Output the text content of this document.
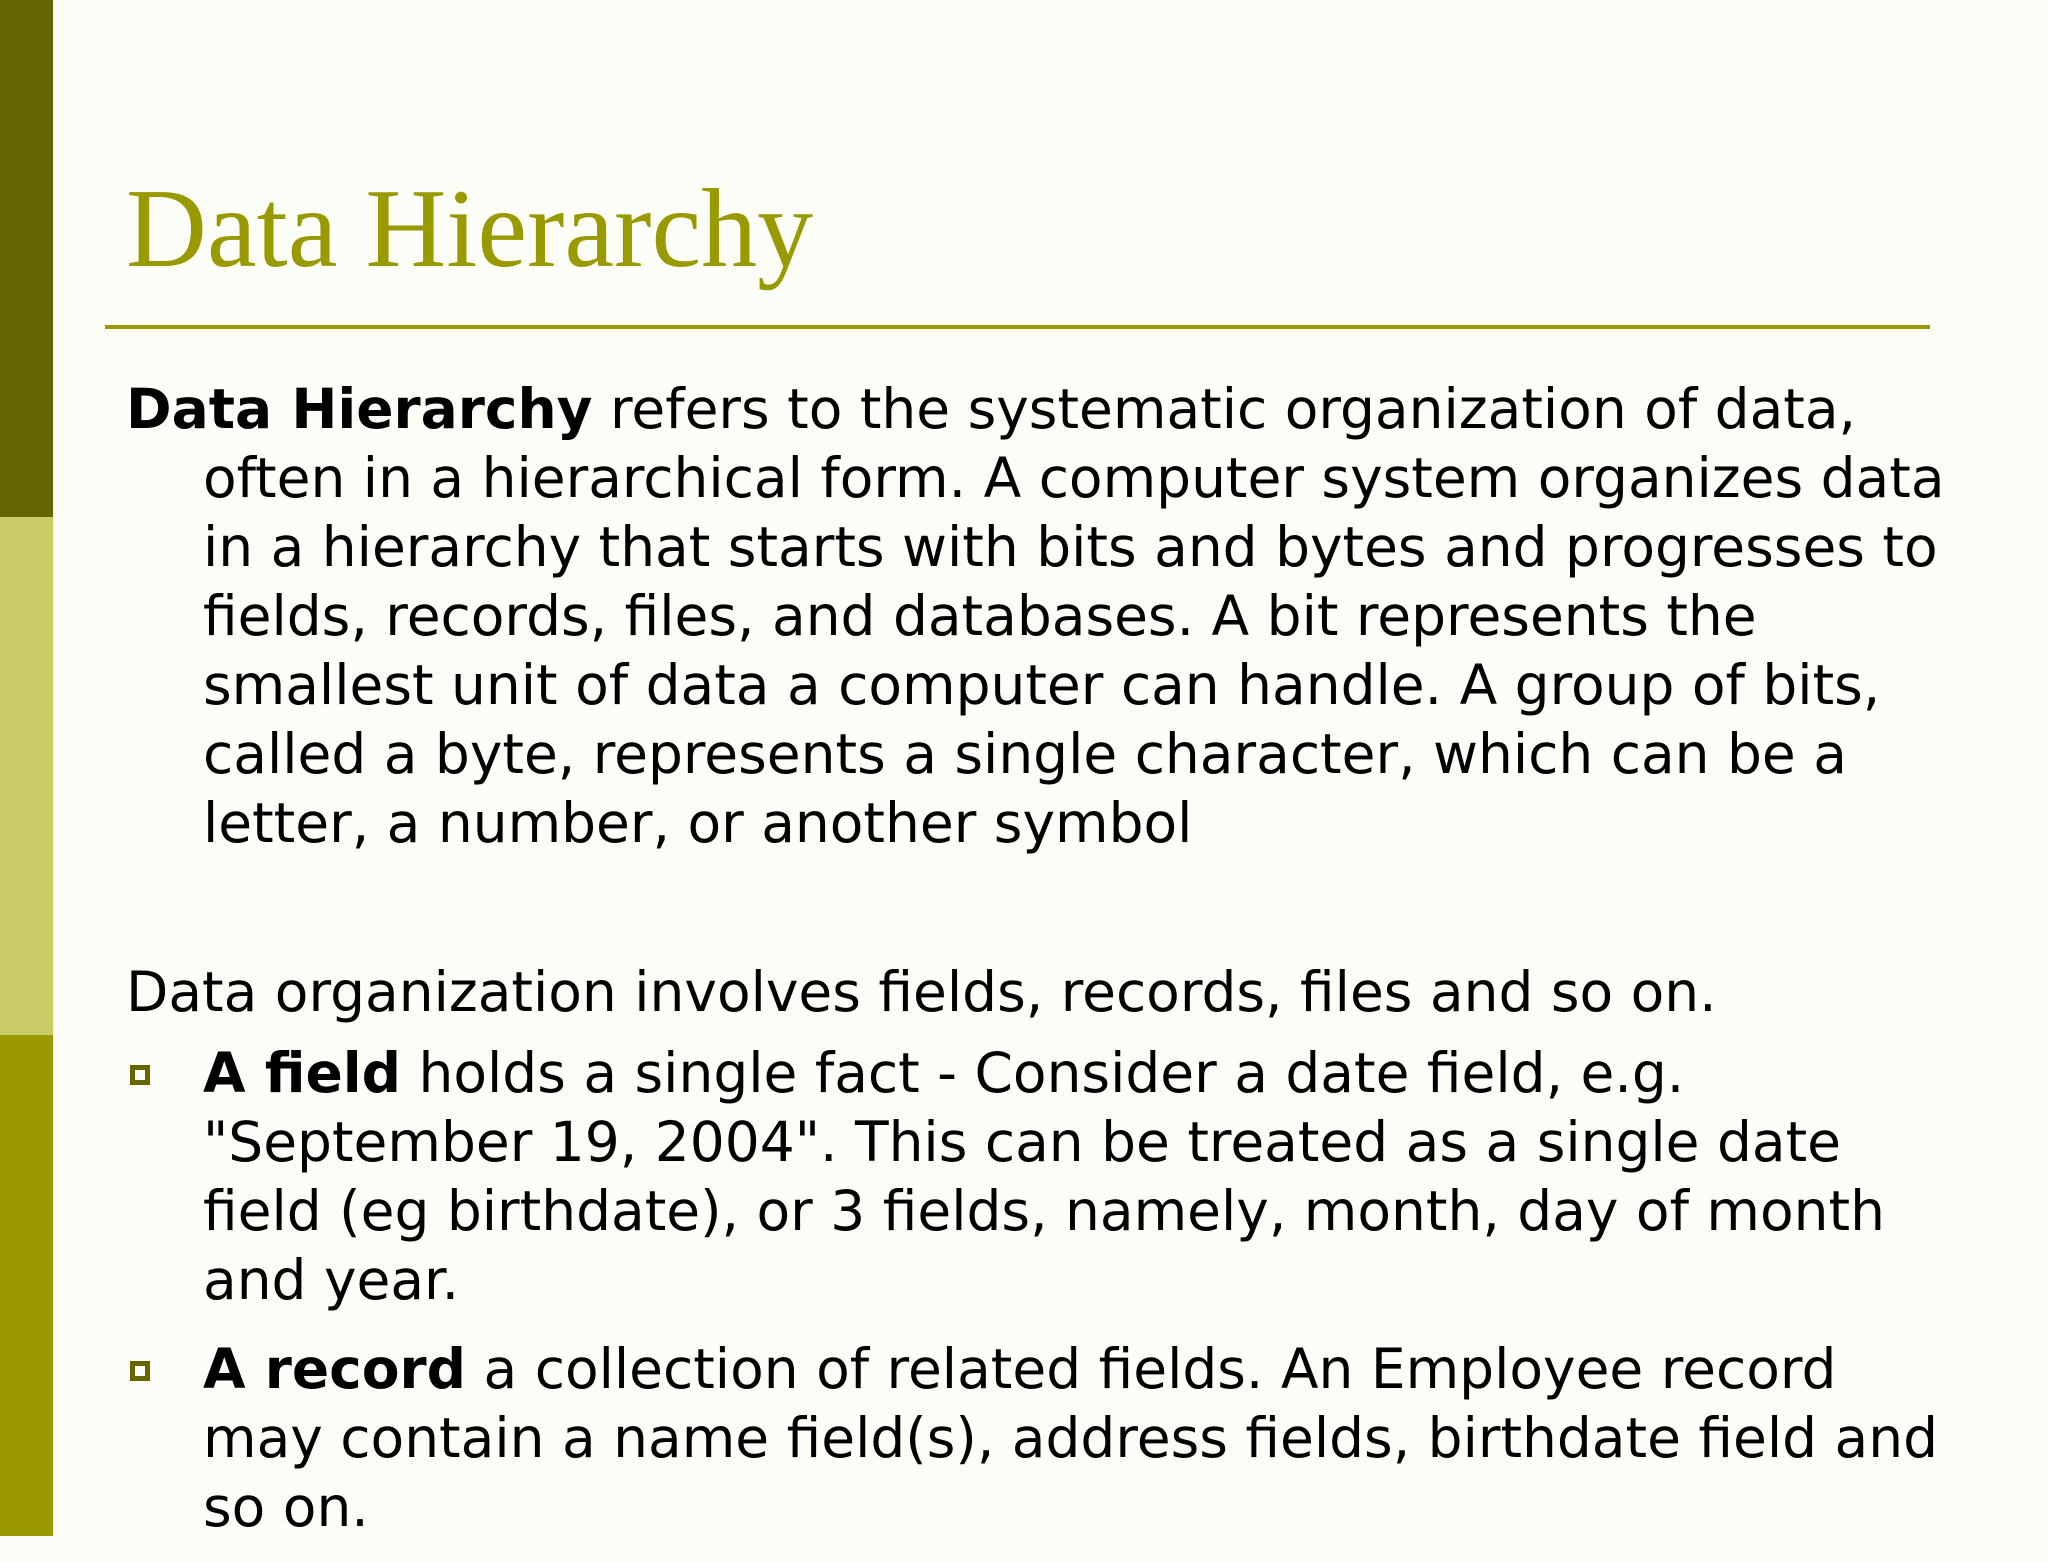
Data Hierarchy

Data Hierarchy refers to the systematic organization of data, often in a hierarchical form. A computer system organizes data in a hierarchy that starts with bits and bytes and progresses to fields, records, files, and databases. A bit represents the smallest unit of data a computer can handle. A group of bits, called a byte, represents a single character, which can be a letter, a number, or another symbol

Data organization involves fields, records, files and so on.

A field holds a single fact - Consider a date field, e.g. "September 19, 2004". This can be treated as a single date field (eg birthdate), or 3 fields, namely, month, day of month and year.
A record a collection of related fields. An Employee record may contain a name field(s), address fields, birthdate field and so on.
